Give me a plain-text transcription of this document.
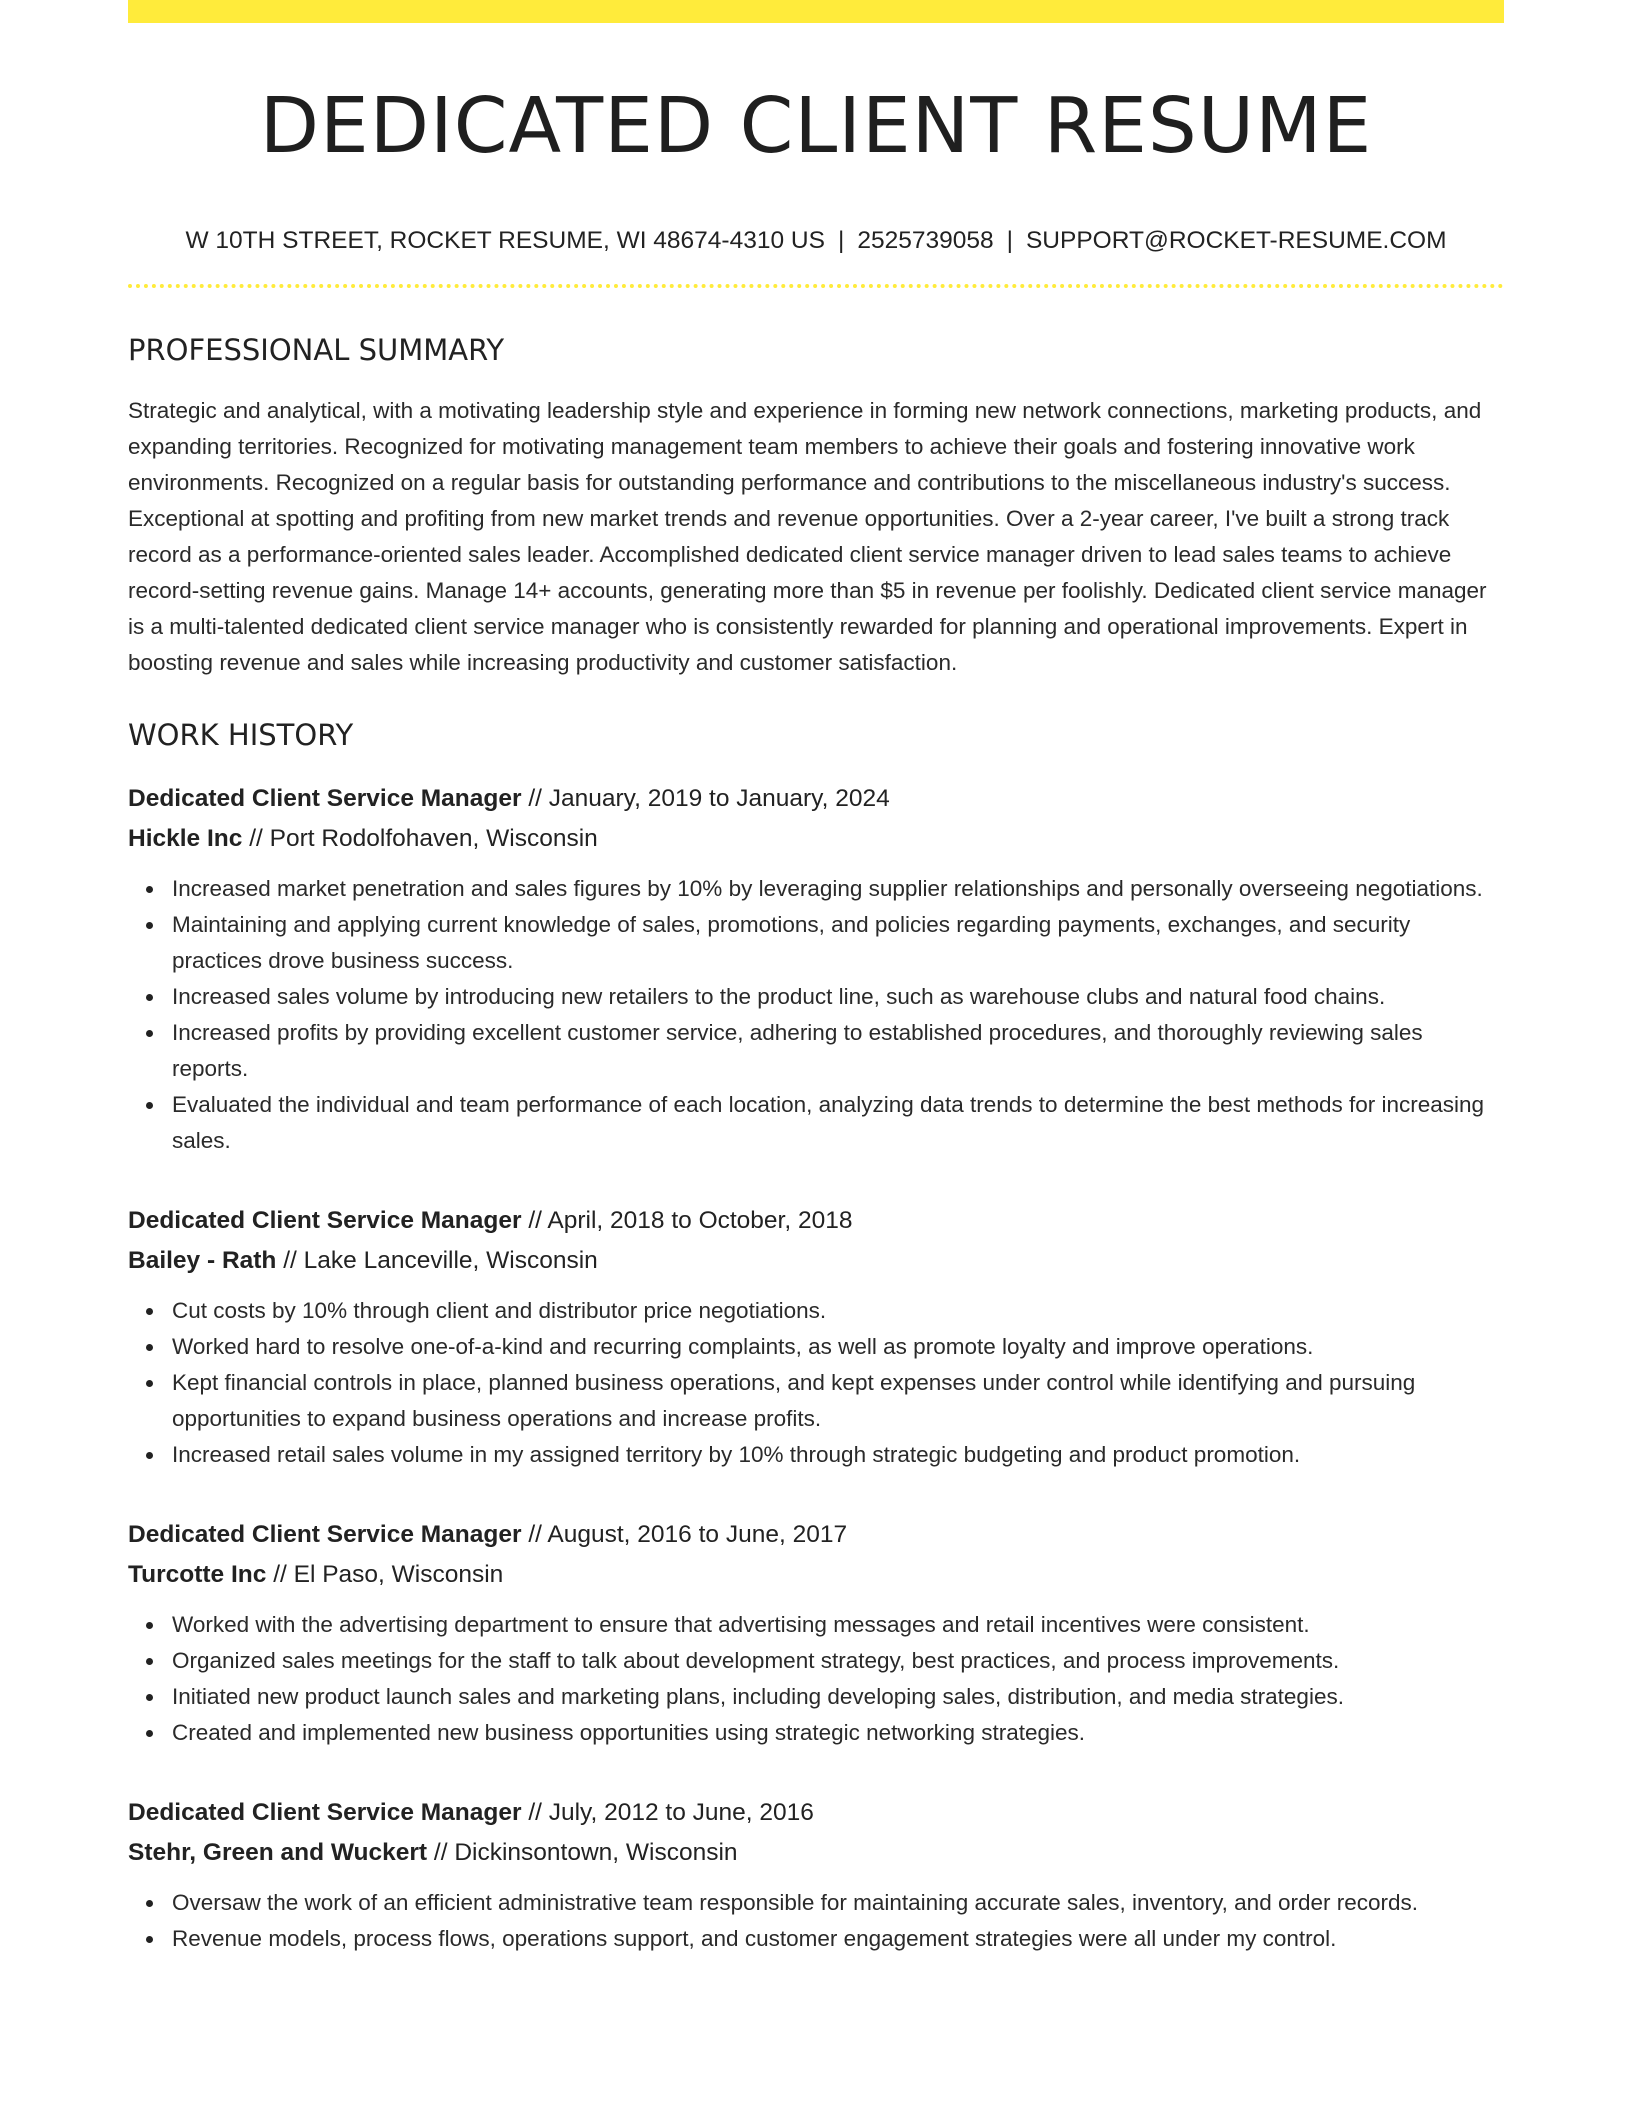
DEDICATED CLIENT RESUME
W 10TH STREET, ROCKET RESUME, WI 48674-4310 US | 2525739058 | SUPPORT@ROCKET-RESUME.COM
PROFESSIONAL SUMMARY

Strategic and analytical, with a motivating leadership style and experience in forming new network connections, marketing products, and expanding territories. Recognized for motivating management team members to achieve their goals and fostering innovative work environments. Recognized on a regular basis for outstanding performance and contributions to the miscellaneous industry's success. Exceptional at spotting and profiting from new market trends and revenue opportunities. Over a 2-year career, I've built a strong track record as a performance-oriented sales leader. Accomplished dedicated client service manager driven to lead sales teams to achieve record-setting revenue gains. Manage 14+ accounts, generating more than $5 in revenue per foolishly. Dedicated client service manager is a multi-talented dedicated client service manager who is consistently rewarded for planning and operational improvements. Expert in boosting revenue and sales while increasing productivity and customer satisfaction.

WORK HISTORY
Dedicated Client Service Manager // January, 2019 to January, 2024
Hickle Inc // Port Rodolfohaven, Wisconsin
Increased market penetration and sales figures by 10% by leveraging supplier relationships and personally overseeing negotiations.
Maintaining and applying current knowledge of sales, promotions, and policies regarding payments, exchanges, and security practices drove business success.
Increased sales volume by introducing new retailers to the product line, such as warehouse clubs and natural food chains.
Increased profits by providing excellent customer service, adhering to established procedures, and thoroughly reviewing sales reports.
Evaluated the individual and team performance of each location, analyzing data trends to determine the best methods for increasing sales.
Dedicated Client Service Manager // April, 2018 to October, 2018
Bailey - Rath // Lake Lanceville, Wisconsin
Cut costs by 10% through client and distributor price negotiations.
Worked hard to resolve one-of-a-kind and recurring complaints, as well as promote loyalty and improve operations.
Kept financial controls in place, planned business operations, and kept expenses under control while identifying and pursuing opportunities to expand business operations and increase profits.
Increased retail sales volume in my assigned territory by 10% through strategic budgeting and product promotion.
Dedicated Client Service Manager // August, 2016 to June, 2017
Turcotte Inc // El Paso, Wisconsin
Worked with the advertising department to ensure that advertising messages and retail incentives were consistent.
Organized sales meetings for the staff to talk about development strategy, best practices, and process improvements.
Initiated new product launch sales and marketing plans, including developing sales, distribution, and media strategies.
Created and implemented new business opportunities using strategic networking strategies.
Dedicated Client Service Manager // July, 2012 to June, 2016
Stehr, Green and Wuckert // Dickinsontown, Wisconsin
Oversaw the work of an efficient administrative team responsible for maintaining accurate sales, inventory, and order records.
Revenue models, process flows, operations support, and customer engagement strategies were all under my control.
